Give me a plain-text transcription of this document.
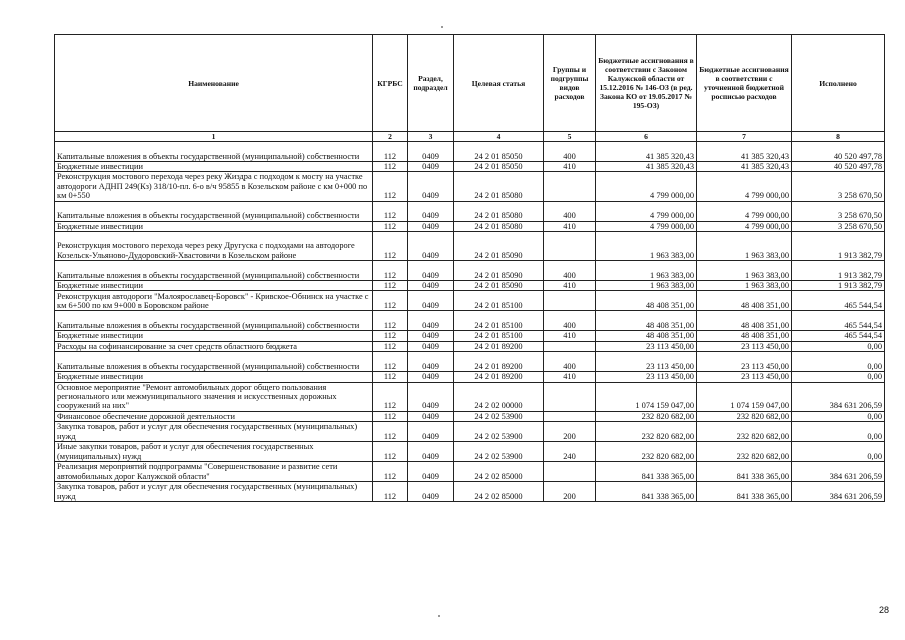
Наименование	КГРБС	Раздел, подраздел	Целевая статья	Группы и подгруппы видов расходов	Бюджетные ассигнования в соответствии с Законом Калужской области от 15.12.2016 № 146-ОЗ (в ред. Закона КО от 19.05.2017 № 195-ОЗ)	Бюджетные ассигнования в соответствии с уточненной бюджетной росписью расходов	Исполнено
1	2	3	4	5	6	7	8
Капитальные вложения в объекты государственной (муниципальной) собственности	112	0409	24 2 01 85050	400	41 385 320,43	41 385 320,43	40 520 497,78
Бюджетные инвестиции	112	0409	24 2 01 85050	410	41 385 320,43	41 385 320,43	40 520 497,78
Реконструкция мостового перехода через реку Жиздра с подходом к мосту на участке автодороги АДНП 249(Кз) 318/10-пл. 6-о в/ч 95855 в Козельском районе с км 0+000 по км 0+550	112	0409	24 2 01 85080		4 799 000,00	4 799 000,00	3 258 670,50
Капитальные вложения в объекты государственной (муниципальной) собственности	112	0409	24 2 01 85080	400	4 799 000,00	4 799 000,00	3 258 670,50
Бюджетные инвестиции	112	0409	24 2 01 85080	410	4 799 000,00	4 799 000,00	3 258 670,50
Реконструкция мостового перехода через реку Другуска с подходами на автодороге Козельск-Ульяново-Дудоровский-Хвастовичи в Козельском районе	112	0409	24 2 01 85090		1 963 383,00	1 963 383,00	1 913 382,79
Капитальные вложения в объекты государственной (муниципальной) собственности	112	0409	24 2 01 85090	400	1 963 383,00	1 963 383,00	1 913 382,79
Бюджетные инвестиции	112	0409	24 2 01 85090	410	1 963 383,00	1 963 383,00	1 913 382,79
Реконструкция автодороги "Малоярославец-Боровск" - Кривское-Обнинск на участке с км 6+500 по км 9+000 в Боровском районе	112	0409	24 2 01 85100		48 408 351,00	48 408 351,00	465 544,54
Капитальные вложения в объекты государственной (муниципальной) собственности	112	0409	24 2 01 85100	400	48 408 351,00	48 408 351,00	465 544,54
Бюджетные инвестиции	112	0409	24 2 01 85100	410	48 408 351,00	48 408 351,00	465 544,54
Расходы на софинансирование за счет средств областного бюджета	112	0409	24 2 01 89200		23 113 450,00	23 113 450,00	0,00
Капитальные вложения в объекты государственной (муниципальной) собственности	112	0409	24 2 01 89200	400	23 113 450,00	23 113 450,00	0,00
Бюджетные инвестиции	112	0409	24 2 01 89200	410	23 113 450,00	23 113 450,00	0,00
Основное мероприятие "Ремонт автомобильных дорог общего пользования регионального или межмуниципального значения и искусственных дорожных сооружений на них"	112	0409	24 2 02 00000		1 074 159 047,00	1 074 159 047,00	384 631 206,59
Финансовое обеспечение дорожной деятельности	112	0409	24 2 02 53900		232 820 682,00	232 820 682,00	0,00
Закупка товаров, работ и услуг для обеспечения государственных (муниципальных) нужд	112	0409	24 2 02 53900	200	232 820 682,00	232 820 682,00	0,00
Иные закупки товаров, работ и услуг для обеспечения государственных (муниципальных) нужд	112	0409	24 2 02 53900	240	232 820 682,00	232 820 682,00	0,00
Реализация мероприятий подпрограммы "Совершенствование и развитие сети автомобильных дорог Калужской области"	112	0409	24 2 02 85000		841 338 365,00	841 338 365,00	384 631 206,59
Закупка товаров, работ и услуг для обеспечения государственных (муниципальных) нужд	112	0409	24 2 02 85000	200	841 338 365,00	841 338 365,00	384 631 206,59
28
